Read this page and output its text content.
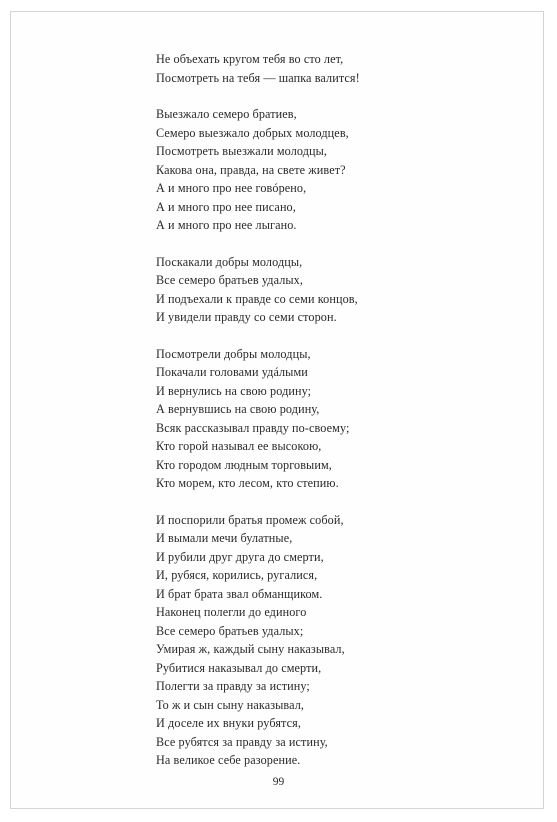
Не объехать кругом тебя во сто лет,
Посмотреть на тебя — шапка валится!
Выезжало семеро братиев,
Семеро выезжало добрых молодцев,
Посмотреть выезжали молодцы,
Какова она, правда, на свете живет?
А и много про нее говóрено,
А и много про нее писано,
А и много про нее лыгано.
Поскакали добры молодцы,
Все семеро братьев удалых,
И подъехали к правде со семи концов,
И увидели правду со семи сторон.
Посмотрели добры молодцы,
Покачали головами удáлыми
И вернулись на свою родину;
А вернувшись на свою родину,
Всяк рассказывал правду по-своему;
Кто горой называл ее высокою,
Кто городом людным торговыим,
Кто морем, кто лесом, кто степию.
И поспорили братья промеж собой,
И вымали мечи булатные,
И рубили друг друга до смерти,
И, рубяся, корились, ругалися,
И брат брата звал обманщиком.
Наконец полегли до единого
Все семеро братьев удалых;
Умирая ж, каждый сыну наказывал,
Рубитися наказывал до смерти,
Полегти за правду за истину;
То ж и сын сыну наказывал,
И доселе их внуки рубятся,
Все рубятся за правду за истину,
На великое себе разорение.
99
